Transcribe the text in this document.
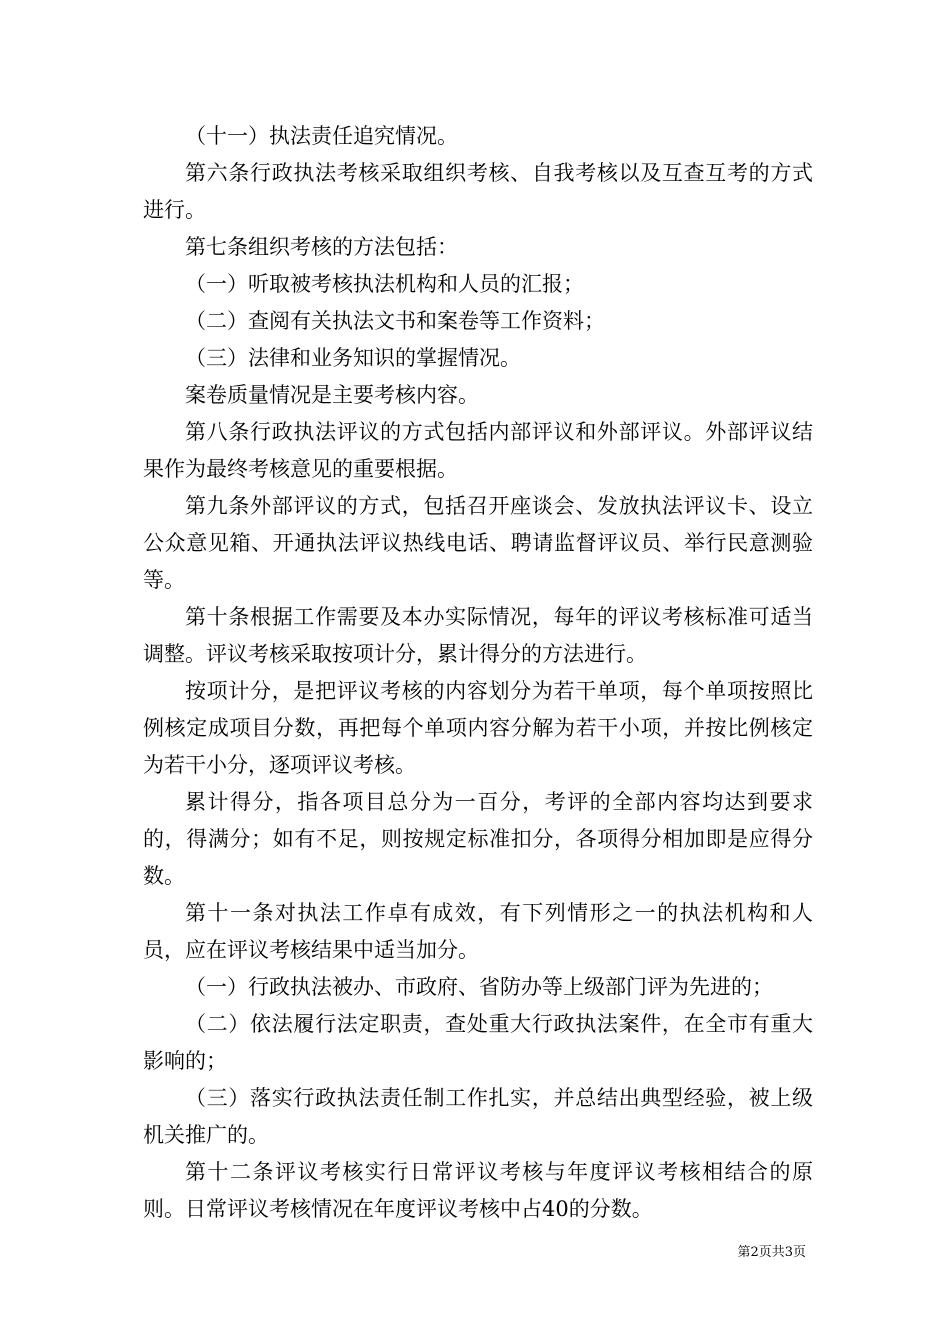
（十一）执法责任追究情况。

第六条行政执法考核采取组织考核、自我考核以及互查互考的方式进行。

第七条组织考核的方法包括：

（一）听取被考核执法机构和人员的汇报；

（二）查阅有关执法文书和案卷等工作资料；

（三）法律和业务知识的掌握情况。

案卷质量情况是主要考核内容。

第八条行政执法评议的方式包括内部评议和外部评议。外部评议结果作为最终考核意见的重要根据。

第九条外部评议的方式，包括召开座谈会、发放执法评议卡、设立公众意见箱、开通执法评议热线电话、聘请监督评议员、举行民意测验等。

第十条根据工作需要及本办实际情况，每年的评议考核标准可适当调整。评议考核采取按项计分，累计得分的方法进行。

按项计分，是把评议考核的内容划分为若干单项，每个单项按照比例核定成项目分数，再把每个单项内容分解为若干小项，并按比例核定为若干小分，逐项评议考核。

累计得分，指各项目总分为一百分，考评的全部内容均达到要求的，得满分；如有不足，则按规定标准扣分，各项得分相加即是应得分数。

第十一条对执法工作卓有成效，有下列情形之一的执法机构和人员，应在评议考核结果中适当加分。

（一）行政执法被办、市政府、省防办等上级部门评为先进的；

（二）依法履行法定职责，查处重大行政执法案件，在全市有重大影响的；

（三）落实行政执法责任制工作扎实，并总结出典型经验，被上级机关推广的。

第十二条评议考核实行日常评议考核与年度评议考核相结合的原则。日常评议考核情况在年度评议考核中占40的分数。

第2页共3页
